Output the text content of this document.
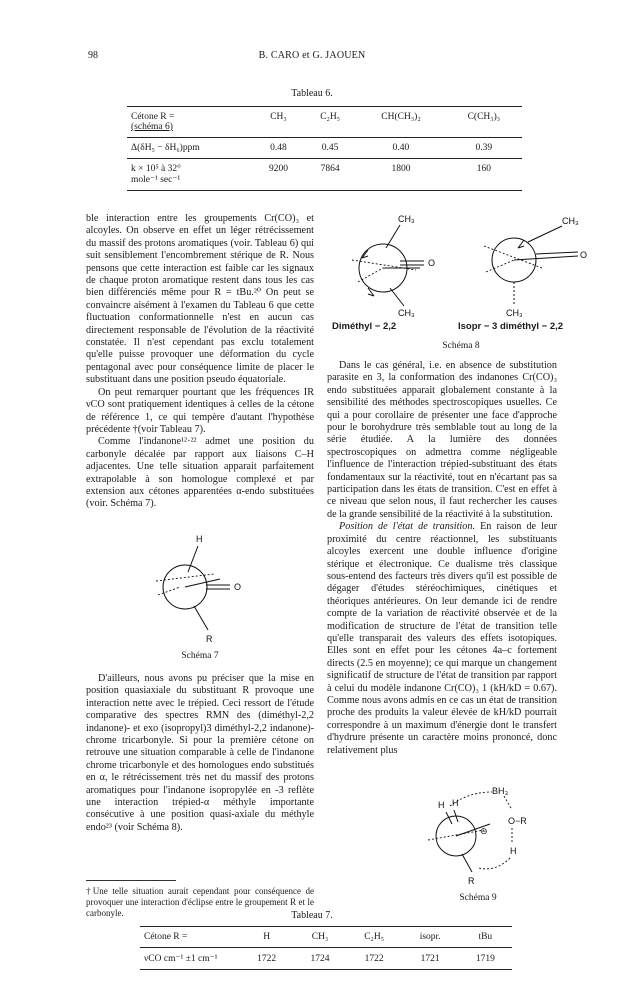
98	B. CARO et G. JAOUEN
Tableau 6.
Cétone R =
(schéma 6)	CH₃	C₂H₅	CH(CH₃)₂	C(CH₃)₃
Δ(δH₅ − δH₆)ppm	0.48	0.45	0.40	0.39

k × 10⁵ à 32°
mole⁻¹ sec⁻¹	9200	7864	1800	160

ble interaction entre les groupements Cr(CO)₃ et alcoyles. On observe en effet un léger rétrécissement du massif des protons aromatiques (voir. Tableau 6) qui suit sensiblement l'encombrement stérique de R. Nous pensons que cette interaction est faible car les signaux de chaque proton aromatique restent dans tous les cas bien différenciés même pour R = tBu.²⁰ On peut se convaincre aisément à l'examen du Tableau 6 que cette fluctuation conformationnelle n'est en aucun cas directement responsable de l'évolution de la réactivité constatée. Il n'est cependant pas exclu totalement qu'elle puisse provoquer une déformation du cycle pentagonal avec pour conséquence limite de placer le substituant dans une position pseudo équatoriale.

On peut remarquer pourtant que les fréquences IR νCO sont pratiquement identiques à celles de la cétone de référence 1, ce qui tempère d'autant l'hypothèse précédente †(voir Tableau 7).

Comme l'indanone¹²·²² admet une position du carbonyle décalée par rapport aux liaisons C–H adjacentes. Une telle situation apparait parfaitement extrapolable à son homologue complexé et par extension aux cétones apparentées α-endo substituées (voir. Schéma 7).

H
O
R
Schéma 7

D'ailleurs, nous avons pu préciser que la mise en position quasiaxiale du substituant R provoque une interaction nette avec le trépied. Ceci ressort de l'étude comparative des spectres RMN des (diméthyl-2,2 indanone)- et exo (isopropyl)3 diméthyl-2,2 indanone)-chrome tricarbonyle. Si pour la première cétone on retrouve une situation comparable à celle de l'indanone chrome tricarbonyle et des homologues endo substitués en α, le rétrécissement très net du massif des protons aromatiques pour l'indanone isopropylée en -3 reflète une interaction trépied-α méthyle importante consécutive à une position quasi-axiale du méthyle endo²³ (voir Schéma 8).

†Une telle situation aurait cependant pour conséquence de provoquer une interaction d'éclipse entre le groupement R et le carbonyle.
CH₃
O
CH₃
CH₃
O
CH₃
Diméthyl − 2,2	Isopr − 3 diméthyl − 2,2
Schéma 8

Dans le cas général, i.e. en absence de substitution parasite en 3, la conformation des indanones Cr(CO)₃ endo substituées apparait globalement constante à la sensibilité des méthodes spectroscopiques usuelles. Ce qui a pour corollaire de présenter une face d'approche pour le borohydrure très semblable tout au long de la série étudiée. A la lumière des données spectroscopiques on admettra comme négligeable l'influence de l'interaction trépied-substituant des états fondamentaux sur la réactivité, tout en n'écartant pas sa participation dans les états de transition. C'est en effet à ce niveau que selon nous, il faut rechercher les causes de la grande sensibilité de la réactivité à la substitution.

Position de l'état de transition. En raison de leur proximité du centre réactionnel, les substituants alcoyles exercent une double influence d'origine stérique et électronique. Ce dualisme très classique sous-entend des facteurs très divers qu'il est possible de dégager d'études stéréochimiques, cinétiques et théoriques antérieures. On leur demande ici de rendre compte de la variation de réactivité observée et de la modification de structure de l'état de transition telle qu'elle transparait des valeurs des effets isotopiques. Elles sont en effet pour les cétones 4a–c fortement directs (2.5 en moyenne); ce qui marque un changement significatif de structure de l'état de transition par rapport à celui du modèle indanone Cr(CO)₃ 1 (kH/kD = 0.67). Comme nous avons admis en ce cas un état de transition proche des produits la valeur élevée de kH/kD pourrait correspondre à un maximum d'énergie dont le transfert d'hydrure présente un caractère moins prononcé, donc relativement plus

BH₃
H H
⊖
O−R
H
R
Schéma 9
Tableau 7.
Cétone R =	H	CH₃	C₂H₅	isopr.	tBu
νCO cm⁻¹ ±1 cm⁻¹	1722	1724	1722	1721	1719
